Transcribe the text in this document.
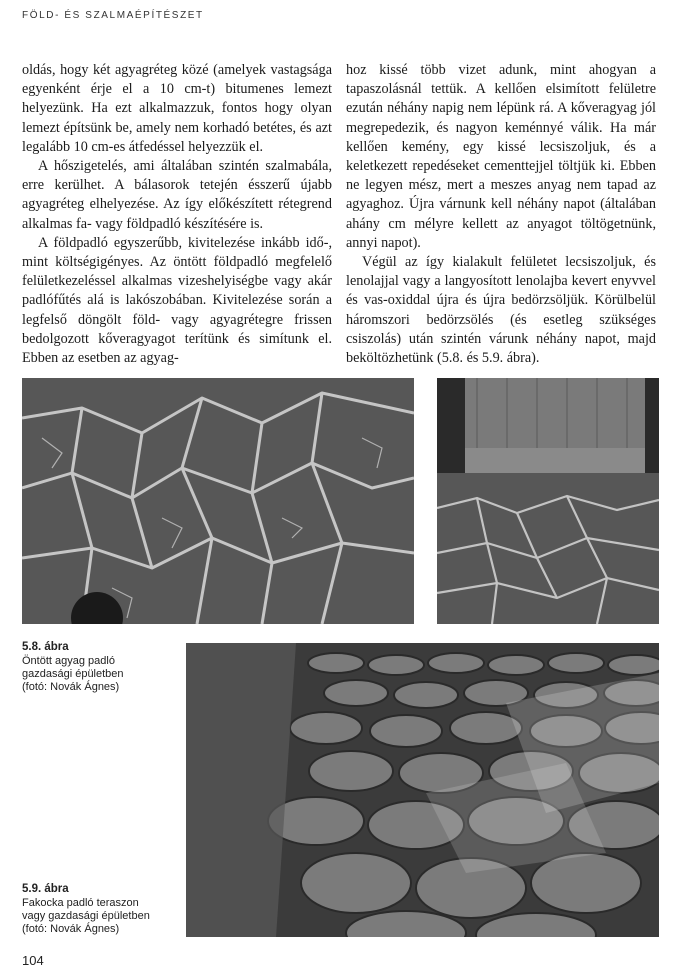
FÖLD- ÉS SZALMAÉPÍTÉSZET

oldás, hogy két agyagréteg közé (amelyek vastagsága egyenként érje el a 10 cm-t) bitumenes lemezt helyezünk. Ha ezt alkalmazzuk, fontos hogy olyan lemezt építsünk be, amely nem korhadó betétes, és azt legalább 10 cm-es átfedéssel helyezzük el.

A hőszigetelés, ami általában szintén szalmabála, erre kerülhet. A bálasorok tetején ésszerű újabb agyagréteg elhelyezése. Az így előkészített rétegrend alkalmas fa- vagy földpadló készítésére is.

A földpadló egyszerűbb, kivitelezése inkább idő-, mint költségigényes. Az öntött földpadló megfelelő felületkezeléssel alkalmas vizeshelyiségbe vagy akár padlófűtés alá is lakószobában. Kivitelezése során a legfelső döngölt föld- vagy agyagrétegre frissen bedolgozott kőveragyagot terítünk és simítunk el. Ebben az esetben az agyag-

hoz kissé több vizet adunk, mint ahogyan a tapaszolásnál tettük. A kellően elsimított felületre ezután néhány napig nem lépünk rá. A kőveragyag jól megrepedezik, és nagyon keménnyé válik. Ha már kellően kemény, egy kissé lecsiszoljuk, és a keletkezett repedéseket cementtejjel töltjük ki. Ebben ne legyen mész, mert a meszes anyag nem tapad az agyaghoz. Újra várnunk kell néhány napot (általában ahány cm mélyre kellett az anyagot töltögetnünk, annyi napot).

Végül az így kialakult felületet lecsiszoljuk, és lenolajjal vagy a langyosított lenolajba kevert enyvvel és vas-oxiddal újra és újra bedörzsöljük. Körülbelül háromszori bedörzsölés (és esetleg szükséges csiszolás) után szintén várunk néhány napot, majd beköltözhetünk (5.8. és 5.9. ábra).

5.8. ábra
Öntött agyag padló
gazdasági épületben
(fotó: Novák Ágnes)
5.9. ábra
Fakocka padló teraszon
vagy gazdasági épületben
(fotó: Novák Ágnes)
104
